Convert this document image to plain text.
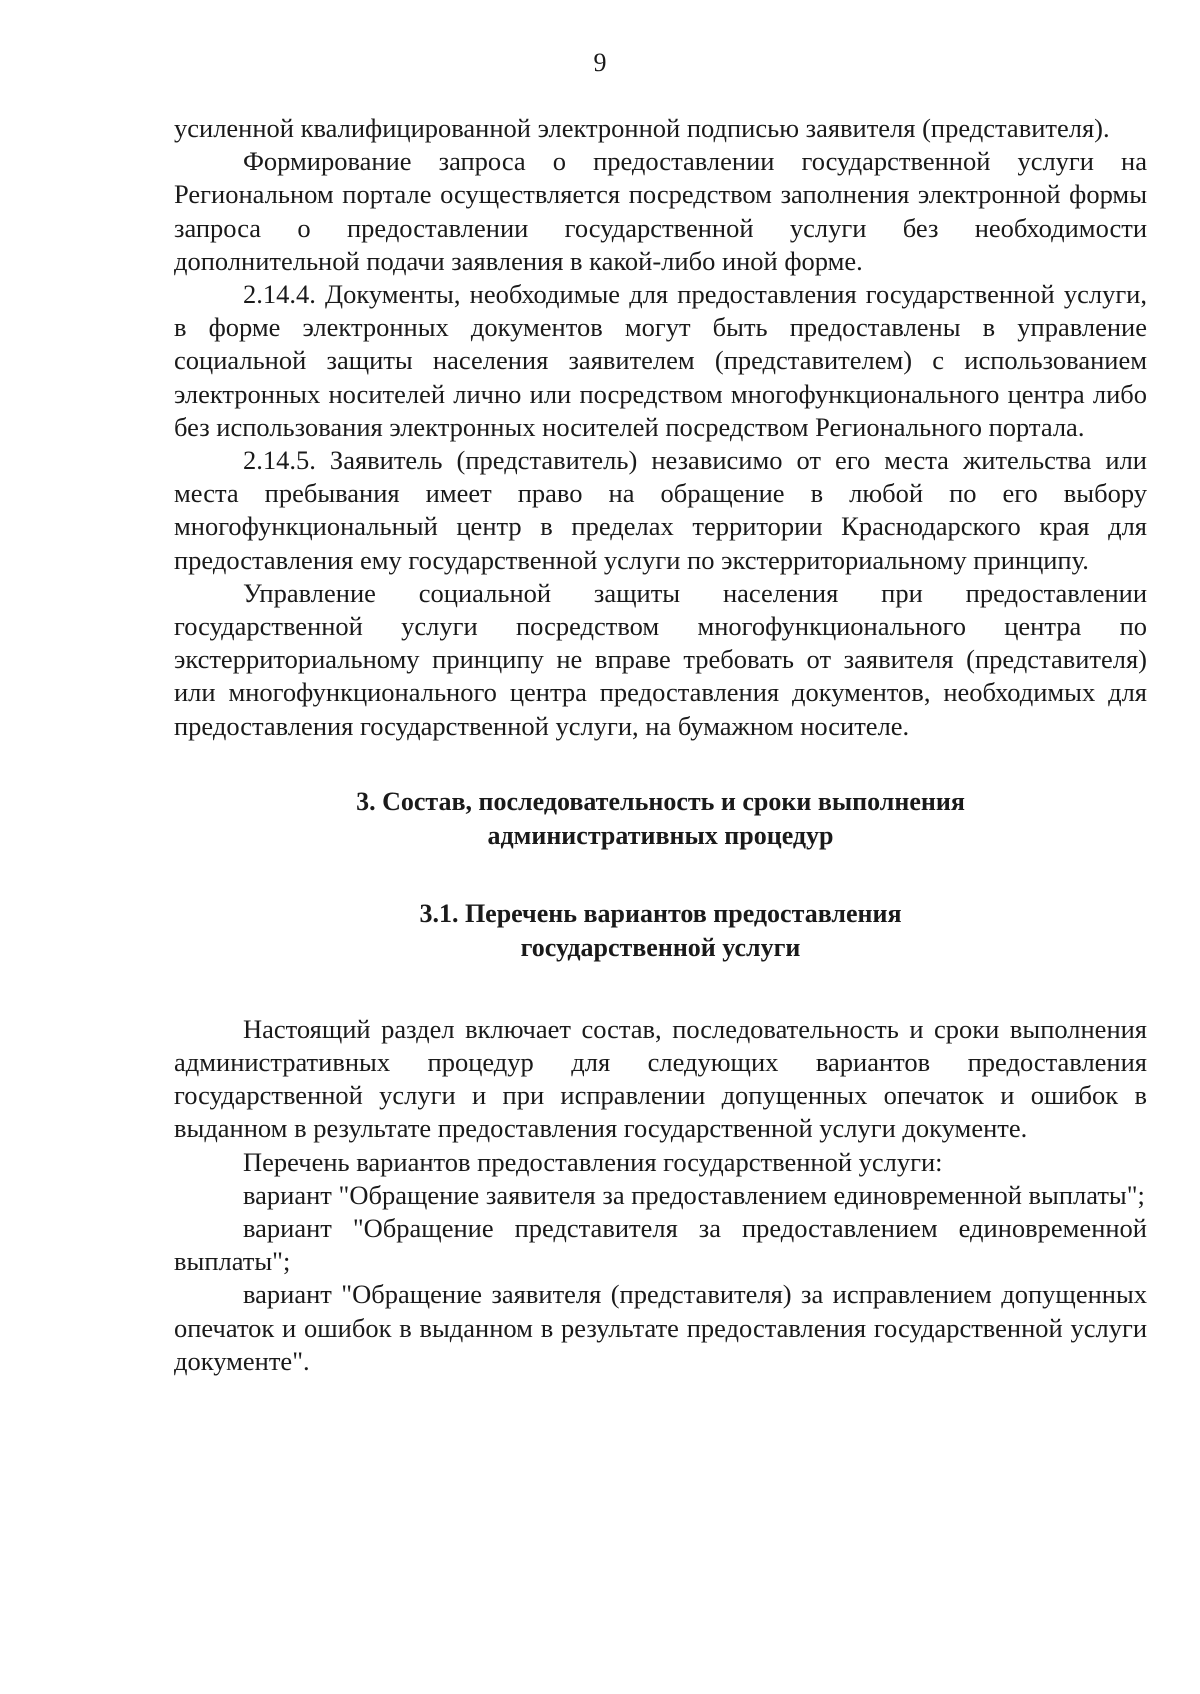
9

усиленной квалифицированной электронной подписью заявителя (представителя).

Формирование запроса о предоставлении государственной услуги на Региональном портале осуществляется посредством заполнения электронной формы запроса о предоставлении государственной услуги без необходимости дополнительной подачи заявления в какой-либо иной форме.

2.14.4. Документы, необходимые для предоставления государственной услуги, в форме электронных документов могут быть предоставлены в управление социальной защиты населения заявителем (представителем) с использованием электронных носителей лично или посредством многофункционального центра либо без использования электронных носителей посредством Регионального портала.

2.14.5. Заявитель (представитель) независимо от его места жительства или места пребывания имеет право на обращение в любой по его выбору многофункциональный центр в пределах территории Краснодарского края для предоставления ему государственной услуги по экстерриториальному принципу.

Управление социальной защиты населения при предоставлении государственной услуги посредством многофункционального центра по экстерриториальному принципу не вправе требовать от заявителя (представителя) или многофункционального центра предоставления документов, необходимых для предоставления государственной услуги, на бумажном носителе.

3. Состав, последовательность и сроки выполнения
административных процедур
3.1. Перечень вариантов предоставления
государственной услуги

Настоящий раздел включает состав, последовательность и сроки выполнения административных процедур для следующих вариантов предоставления государственной услуги и при исправлении допущенных опечаток и ошибок в выданном в результате предоставления государственной услуги документе.

Перечень вариантов предоставления государственной услуги:

вариант "Обращение заявителя за предоставлением единовременной выплаты";

вариант "Обращение представителя за предоставлением единовременной выплаты";

вариант "Обращение заявителя (представителя) за исправлением допущенных опечаток и ошибок в выданном в результате предоставления государственной услуги документе".
